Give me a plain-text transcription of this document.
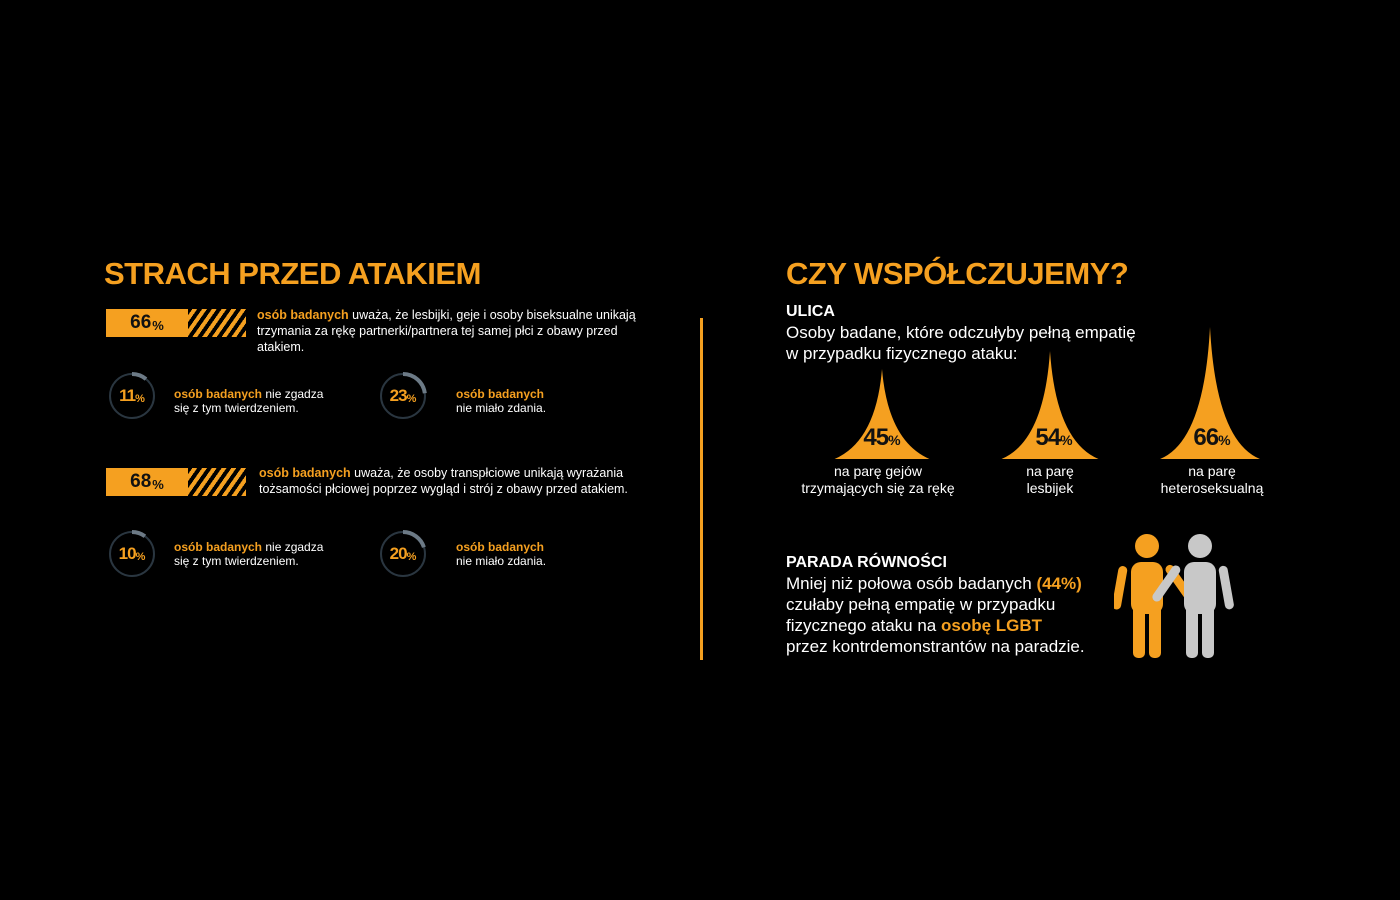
STRACH PRZED ATAKIEM
66 %
osób badanych uważa, że lesbijki, geje i osoby biseksualne unikają trzymania za rękę partnerki/partnera tej samej płci z obawy przed atakiem.
11 % osób badanych nie zgadza
się z tym twierdzeniem.
23 %	osób badanych
nie miało zdania.
68 %
osób badanych uważa, że osoby transpłciowe unikają wyrażania tożsamości płciowej poprzez wygląd i strój z obawy przed atakiem.
10 %
osób badanych nie zgadza
się z tym twierdzeniem.	20 %
osób badanych
nie miało zdania.
CZY WSPÓŁCZUJEMY?
ULICA
Osoby badane, które odczułyby pełną empatię w przypadku fizycznego ataku:
45%	54%	66%
na parę gejów
trzymających się za rękę
na parę
lesbijek
na parę
heteroseksualną
PARADA RÓWNOŚCI
Mniej niż połowa osób badanych (44%)
czułaby pełną empatię w przypadku
fizycznego ataku na osobę LGBT
przez kontrdemonstrantów na paradzie.
